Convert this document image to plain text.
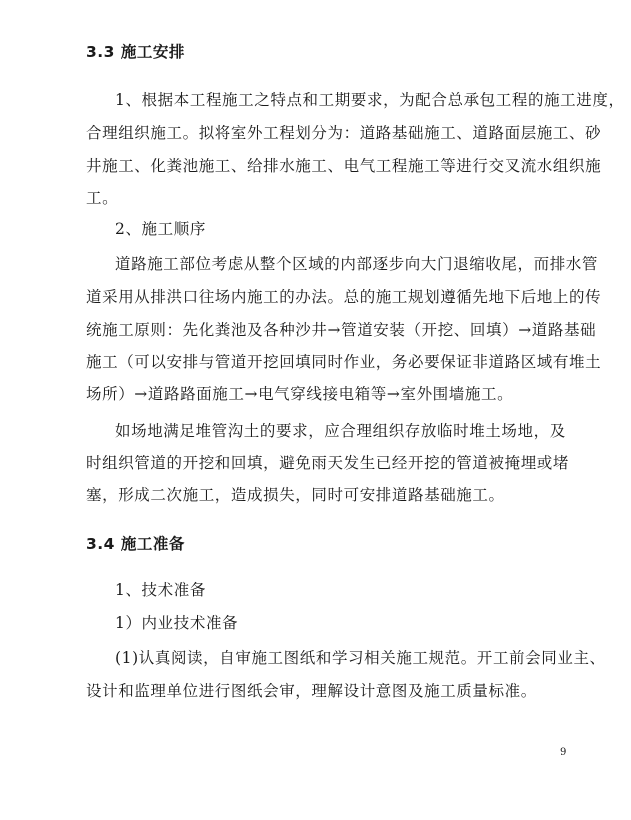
3.3 施工安排
1、根据本工程施工之特点和工期要求，为配合总承包工程的施工进度，
合理组织施工。拟将室外工程划分为：道路基础施工、道路面层施工、砂
井施工、化粪池施工、给排水施工、电气工程施工等进行交叉流水组织施
工。
2、施工顺序
道路施工部位考虑从整个区域的内部逐步向大门退缩收尾，而排水管
道采用从排洪口往场内施工的办法。总的施工规划遵循先地下后地上的传
统施工原则：先化粪池及各种沙井→管道安装（开挖、回填）→道路基础
施工（可以安排与管道开挖回填同时作业，务必要保证非道路区域有堆土
场所）→道路路面施工→电气穿线接电箱等→室外围墙施工。
如场地满足堆管沟土的要求，应合理组织存放临时堆土场地，及
时组织管道的开挖和回填，避免雨天发生已经开挖的管道被掩埋或堵
塞，形成二次施工，造成损失，同时可安排道路基础施工。
3.4 施工准备
1、技术准备
1）内业技术准备
(1)认真阅读，自审施工图纸和学习相关施工规范。开工前会同业主、
设计和监理单位进行图纸会审，理解设计意图及施工质量标准。
9
